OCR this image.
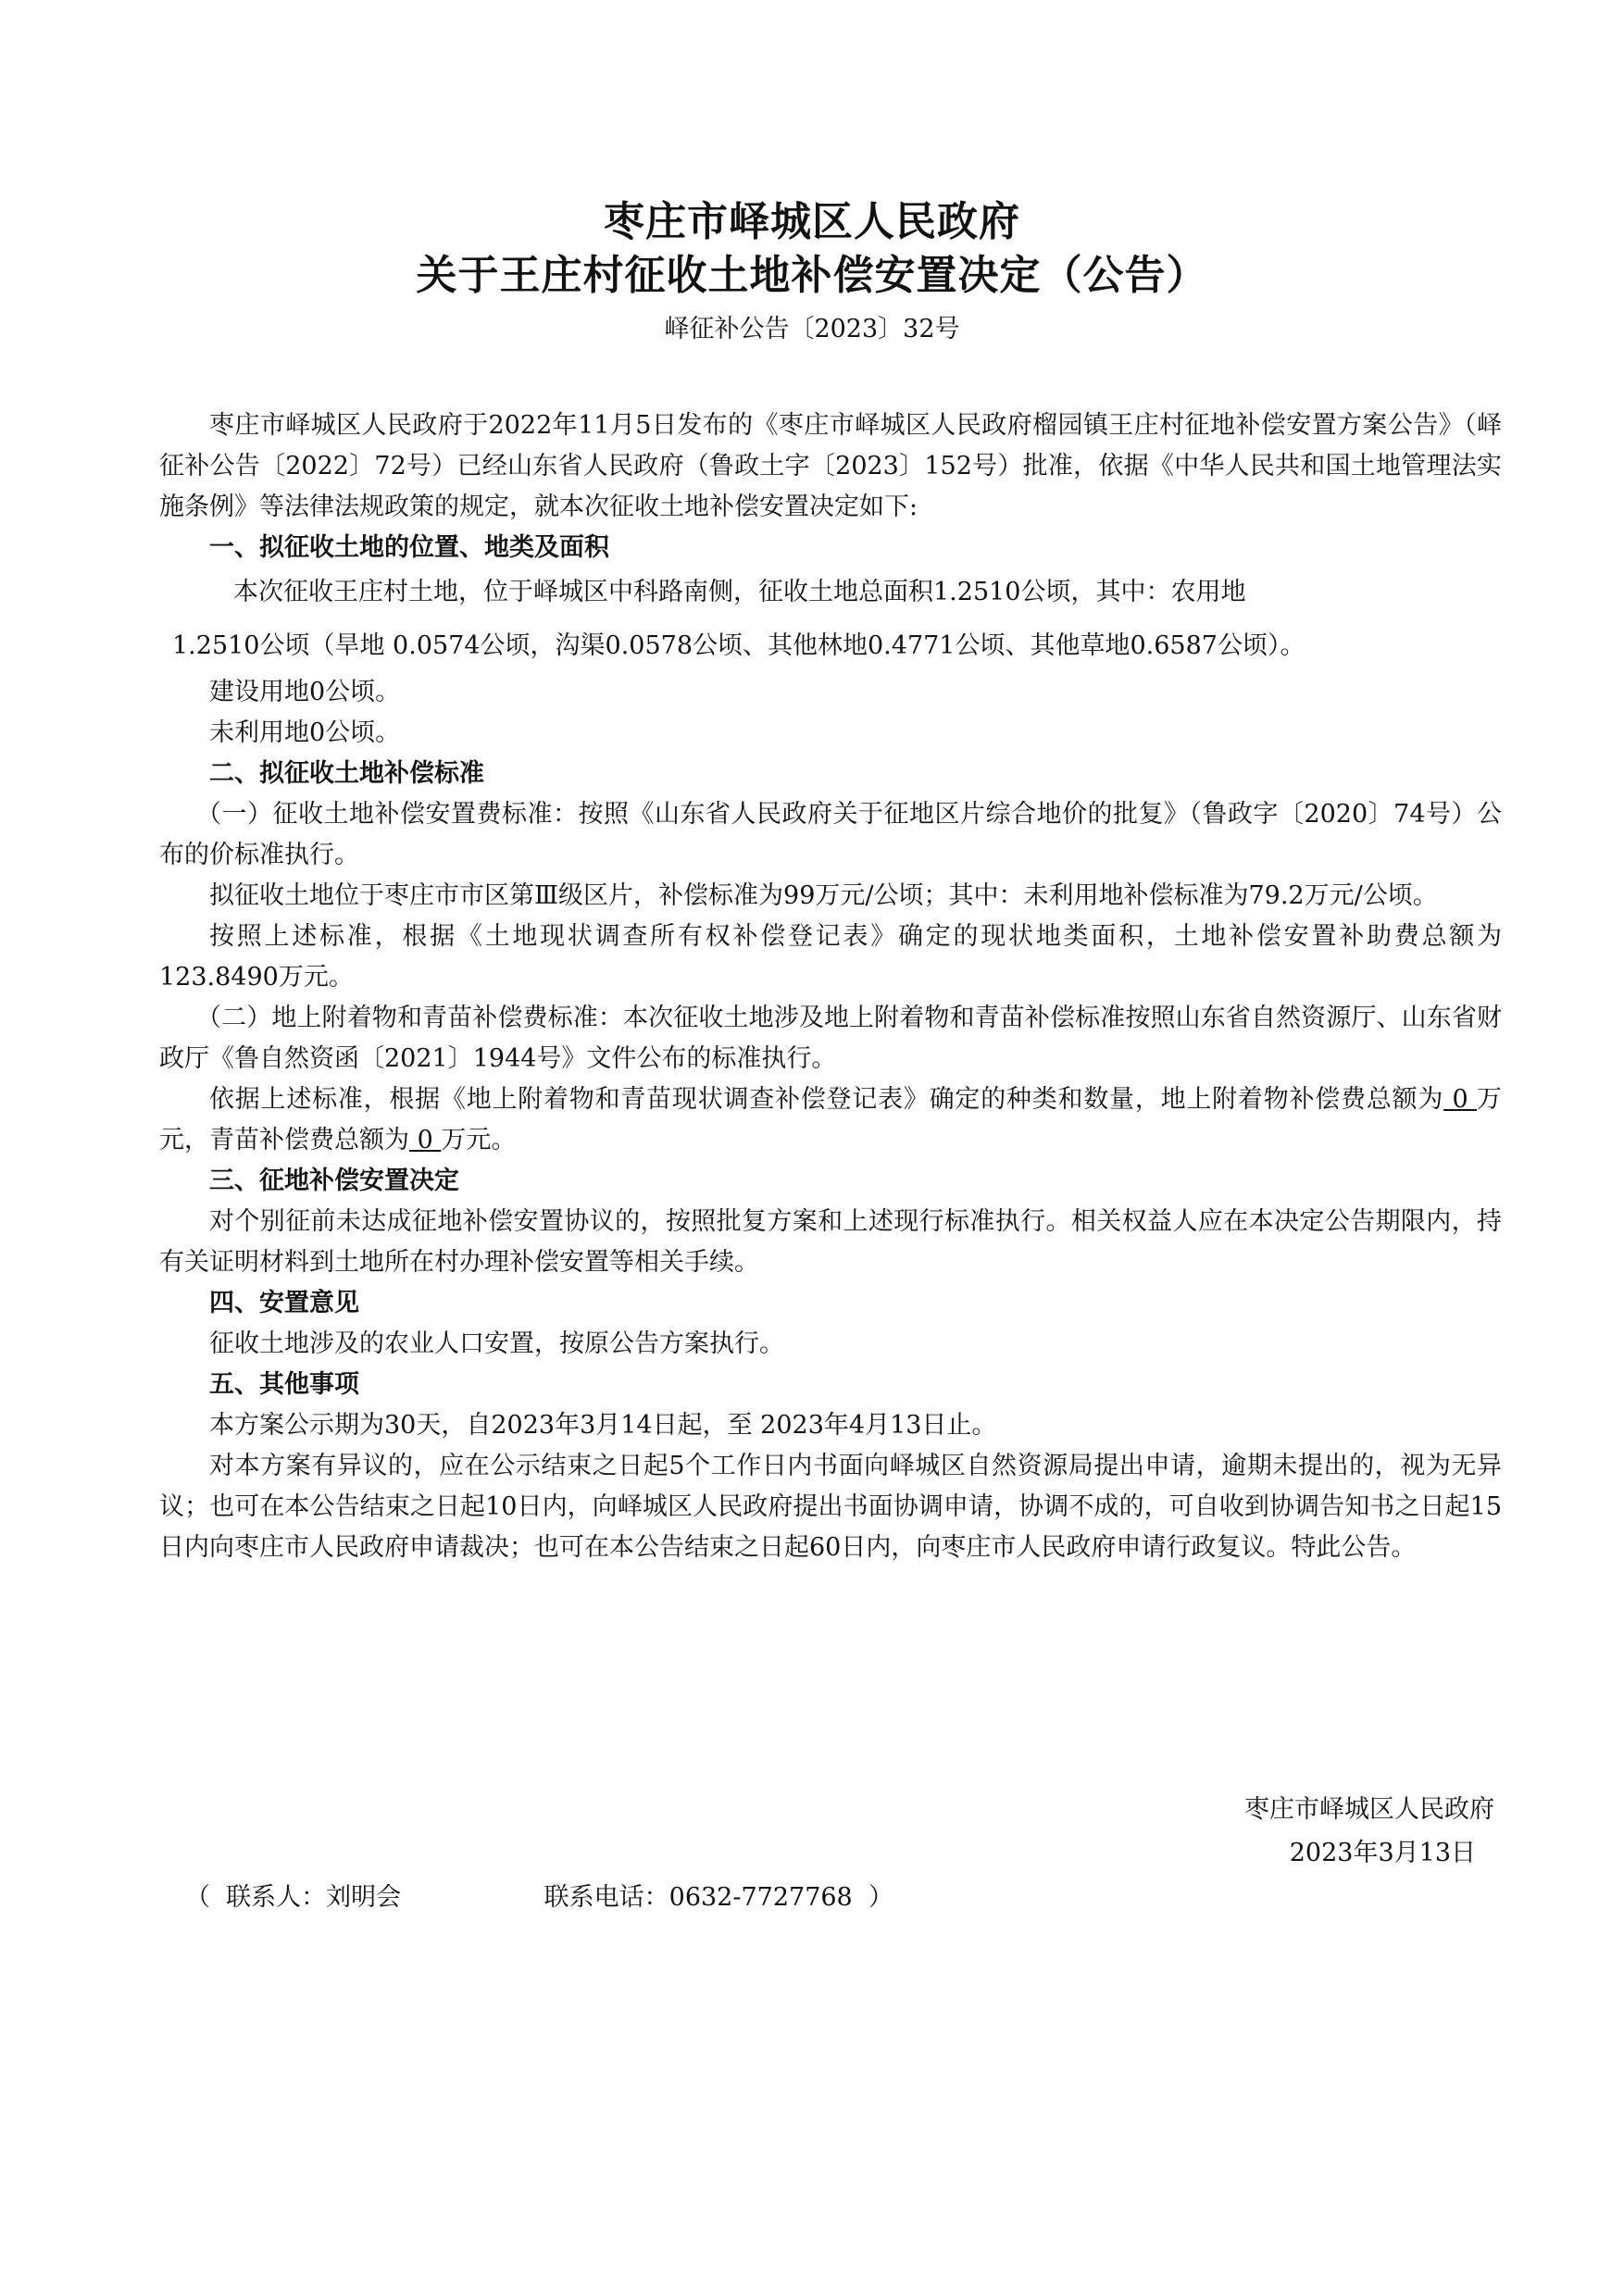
枣庄市峄城区人民政府
关于王庄村征收土地补偿安置决定（公告）
峄征补公告〔2023〕32号

枣庄市峄城区人民政府于2022年11月5日发布的《枣庄市峄城区人民政府榴园镇王庄村征地补偿安置方案公告》（峄征补公告〔2022〕72号）已经山东省人民政府（鲁政土字〔2023〕152号）批准，依据《中华人民共和国土地管理法实施条例》等法律法规政策的规定，就本次征收土地补偿安置决定如下:

一、拟征收土地的位置、地类及面积

本次征收王庄村土地，位于峄城区中科路南侧，征收土地总面积1.2510公顷，其中：农用地

1.2510公顷（旱地 0.0574公顷，沟渠0.0578公顷、其他林地0.4771公顷、其他草地0.6587公顷）。

建设用地0公顷。

未利用地0公顷。

二、拟征收土地补偿标准

（一）征收土地补偿安置费标准：按照《山东省人民政府关于征地区片综合地价的批复》（鲁政字〔2020〕74号）公布的价标准执行。

拟征收土地位于枣庄市市区第Ⅲ级区片，补偿标准为99万元/公顷；其中：未利用地补偿标准为79.2万元/公顷。

按照上述标准，根据《土地现状调查所有权补偿登记表》确定的现状地类面积，土地补偿安置补助费总额为123.8490万元。

（二）地上附着物和青苗补偿费标准：本次征收土地涉及地上附着物和青苗补偿标准按照山东省自然资源厅、山东省财政厅《鲁自然资函〔2021〕1944号》文件公布的标准执行。

依据上述标准，根据《地上附着物和青苗现状调查补偿登记表》确定的种类和数量，地上附着物补偿费总额为 0 万元，青苗补偿费总额为 0 万元。

三、征地补偿安置决定

对个别征前未达成征地补偿安置协议的，按照批复方案和上述现行标准执行。相关权益人应在本决定公告期限内，持有关证明材料到土地所在村办理补偿安置等相关手续。

四、安置意见

征收土地涉及的农业人口安置，按原公告方案执行。

五、其他事项

本方案公示期为30天，自2023年3月14日起，至 2023年4月13日止。

对本方案有异议的，应在公示结束之日起5个工作日内书面向峄城区自然资源局提出申请，逾期未提出的，视为无异议；也可在本公告结束之日起10日内，向峄城区人民政府提出书面协调申请，协调不成的，可自收到协调告知书之日起15日内向枣庄市人民政府申请裁决；也可在本公告结束之日起60日内，向枣庄市人民政府申请行政复议。特此公告。

枣庄市峄城区人民政府
2023年3月13日
（  联系人：刘明会                  联系电话：0632-7727768  ）
